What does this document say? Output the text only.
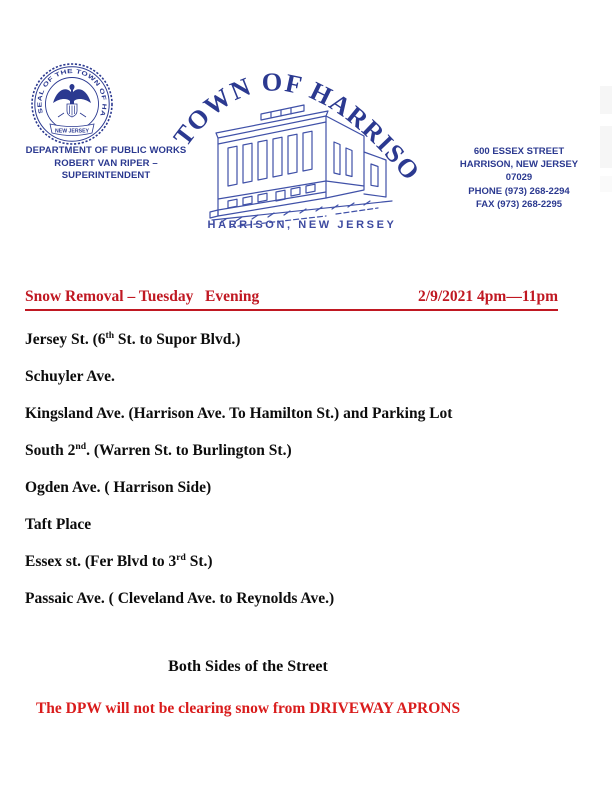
SEAL OF THE TOWN OF HARRISON
NEW JERSEY
DEPARTMENT OF PUBLIC WORKS
ROBERT VAN RIPER – SUPERINTENDENT
TOWN OF HARRISON
HARRISON, NEW JERSEY
600 ESSEX STREET
HARRISON, NEW JERSEY 07029
PHONE (973) 268-2294
FAX (973) 268-2295
Snow Removal – Tuesday   Evening	2/9/2021 4pm—11pm

Jersey St. (6th St. to Supor Blvd.)

Schuyler Ave.

Kingsland Ave. (Harrison Ave. To Hamilton St.) and Parking Lot

South 2nd. (Warren St. to Burlington St.)

Ogden Ave. ( Harrison Side)

Taft Place

Essex st. (Fer Blvd to 3rd St.)

Passaic Ave. ( Cleveland Ave. to Reynolds Ave.)

Both Sides of the Street
The DPW will not be clearing snow from DRIVEWAY APRONS
